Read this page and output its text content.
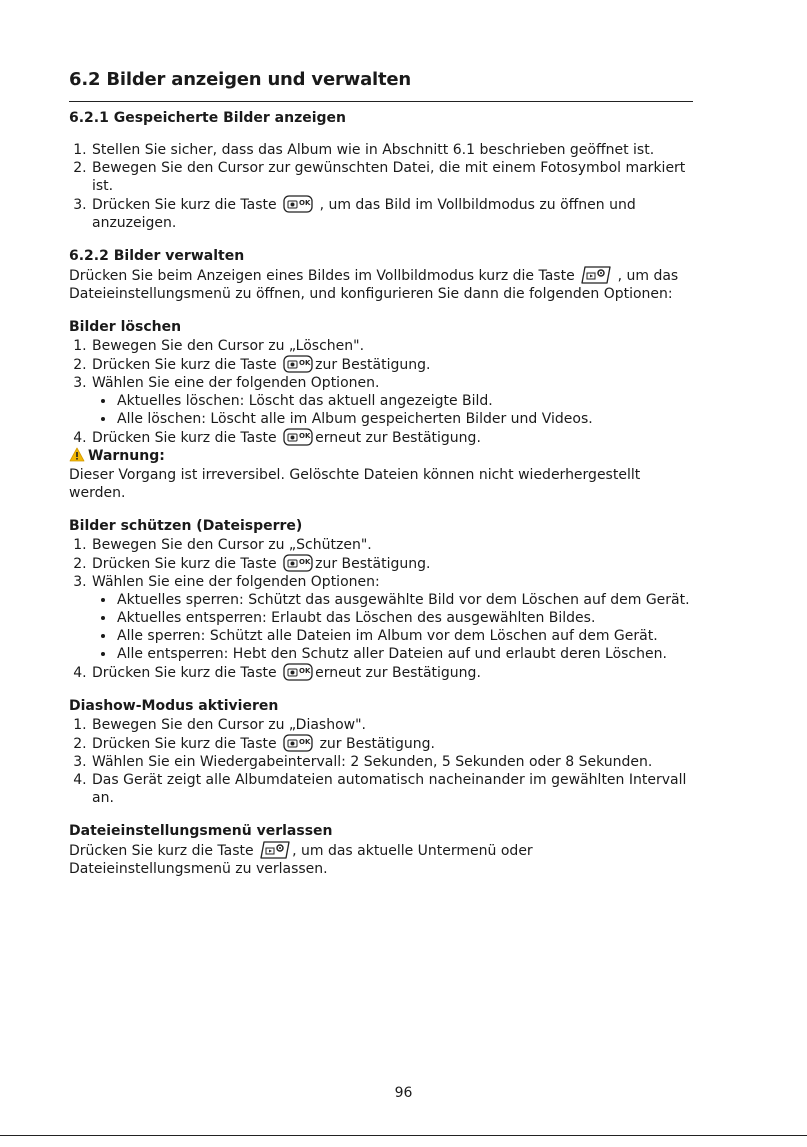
6.2 Bilder anzeigen und verwalten
6.2.1 Gespeicherte Bilder anzeigen
1. Stellen Sie sicher, dass das Album wie in Abschnitt 6.1 beschrieben geöffnet ist.
2. Bewegen Sie den Cursor zur gewünschten Datei, die mit einem Fotosymbol markiert ist.
3. Drücken Sie kurz die Taste	OK , um das Bild im Vollbildmodus zu öffnen und anzuzeigen.

6.2.2 Bilder verwalten

Drücken Sie beim Anzeigen eines Bildes im Vollbildmodus kurz die Taste	, um das Dateieinstellungsmenü zu öffnen, und konfigurieren Sie dann die folgenden Optionen:

Bilder löschen

1. Bewegen Sie den Cursor zu „Löschen".
2. Drücken Sie kurz die Taste	OK zur Bestätigung.
3. Wählen Sie eine der folgenden Optionen.
• Aktuelles löschen: Löscht das aktuell angezeigte Bild.
• Alle löschen: Löscht alle im Album gespeicherten Bilder und Videos.
4. Drücken Sie kurz die Taste	OK erneut zur Bestätigung.

Warnung:

Dieser Vorgang ist irreversibel. Gelöschte Dateien können nicht wiederhergestellt werden.

Bilder schützen (Dateisperre)

1. Bewegen Sie den Cursor zu „Schützen".
2. Drücken Sie kurz die Taste	OK zur Bestätigung.
3. Wählen Sie eine der folgenden Optionen:
• Aktuelles sperren: Schützt das ausgewählte Bild vor dem Löschen auf dem Gerät.
• Aktuelles entsperren: Erlaubt das Löschen des ausgewählten Bildes.
• Alle sperren: Schützt alle Dateien im Album vor dem Löschen auf dem Gerät.
• Alle entsperren: Hebt den Schutz aller Dateien auf und erlaubt deren Löschen.
4. Drücken Sie kurz die Taste	OK erneut zur Bestätigung.

Diashow-Modus aktivieren

1. Bewegen Sie den Cursor zu „Diashow".
2. Drücken Sie kurz die Taste	OK zur Bestätigung.
3. Wählen Sie ein Wiedergabeintervall: 2 Sekunden, 5 Sekunden oder 8 Sekunden.
4. Das Gerät zeigt alle Albumdateien automatisch nacheinander im gewählten Intervall an.

Dateieinstellungsmenü verlassen

Drücken Sie kurz die Taste	, um das aktuelle Untermenü oder Dateieinstellungsmenü zu verlassen.

96
